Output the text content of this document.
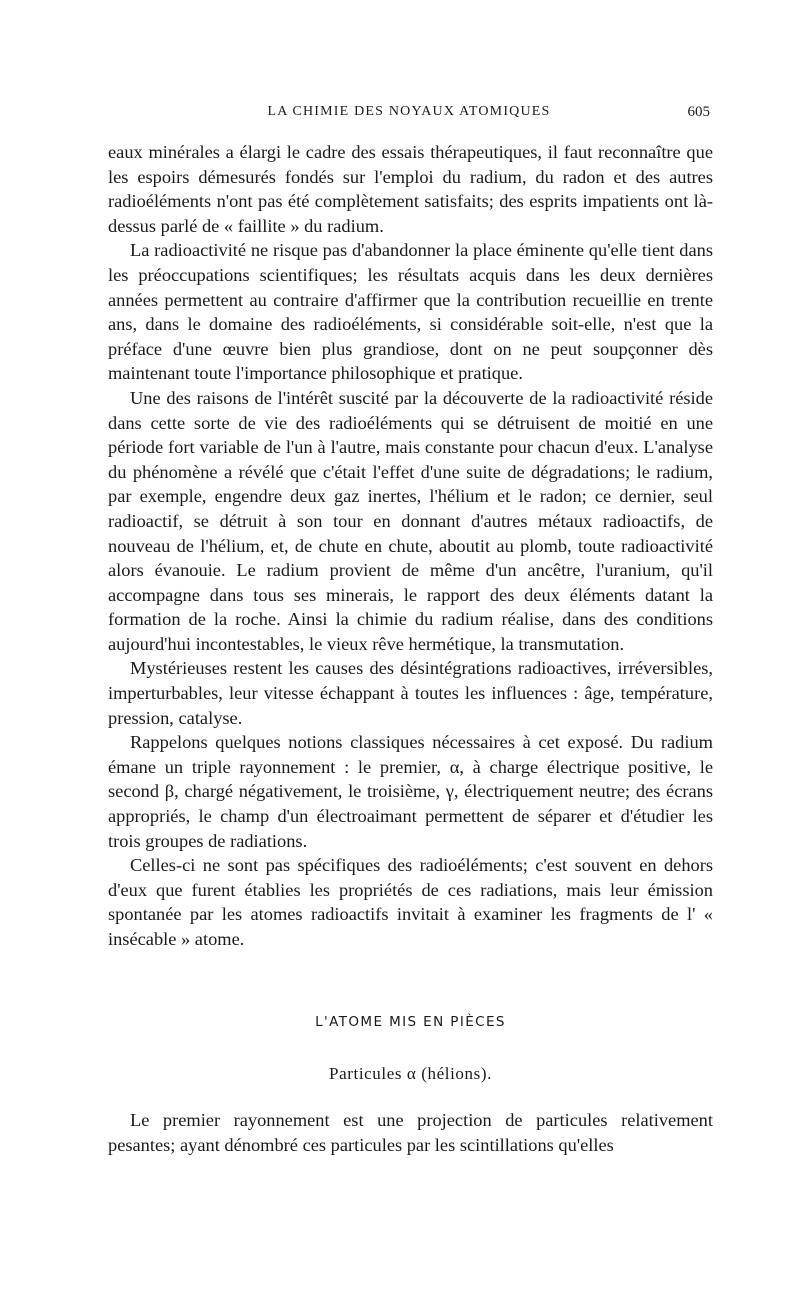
LA CHIMIE DES NOYAUX ATOMIQUES	605

eaux minérales a élargi le cadre des essais thérapeutiques, il faut reconnaître que les espoirs démesurés fondés sur l'emploi du radium, du radon et des autres radioéléments n'ont pas été complètement satisfaits; des esprits impatients ont là-dessus parlé de « faillite » du radium.

La radioactivité ne risque pas d'abandonner la place éminente qu'elle tient dans les préoccupations scientifiques; les résultats acquis dans les deux dernières années permettent au contraire d'affirmer que la contribution recueillie en trente ans, dans le domaine des radioéléments, si considérable soit-elle, n'est que la préface d'une œuvre bien plus grandiose, dont on ne peut soupçonner dès maintenant toute l'importance philosophique et pratique.

Une des raisons de l'intérêt suscité par la découverte de la radioactivité réside dans cette sorte de vie des radioéléments qui se détruisent de moitié en une période fort variable de l'un à l'autre, mais constante pour chacun d'eux. L'analyse du phénomène a révélé que c'était l'effet d'une suite de dégradations; le radium, par exemple, engendre deux gaz inertes, l'hélium et le radon; ce dernier, seul radioactif, se détruit à son tour en donnant d'autres métaux radioactifs, de nouveau de l'hélium, et, de chute en chute, aboutit au plomb, toute radioactivité alors évanouie. Le radium provient de même d'un ancêtre, l'uranium, qu'il accompagne dans tous ses minerais, le rapport des deux éléments datant la formation de la roche. Ainsi la chimie du radium réalise, dans des conditions aujourd'hui incontestables, le vieux rêve hermétique, la transmutation.

Mystérieuses restent les causes des désintégrations radioactives, irréversibles, imperturbables, leur vitesse échappant à toutes les influences : âge, température, pression, catalyse.

Rappelons quelques notions classiques nécessaires à cet exposé. Du radium émane un triple rayonnement : le premier, α, à charge électrique positive, le second β, chargé négativement, le troisième, γ, électriquement neutre; des écrans appropriés, le champ d'un électroaimant permettent de séparer et d'étudier les trois groupes de radiations.

Celles-ci ne sont pas spécifiques des radioéléments; c'est souvent en dehors d'eux que furent établies les propriétés de ces radiations, mais leur émission spontanée par les atomes radioactifs invitait à examiner les fragments de l' « insécable » atome.

L'ATOME MIS EN PIÈCES
Particules α (hélions).

Le premier rayonnement est une projection de particules relativement pesantes; ayant dénombré ces particules par les scintillations qu'elles
